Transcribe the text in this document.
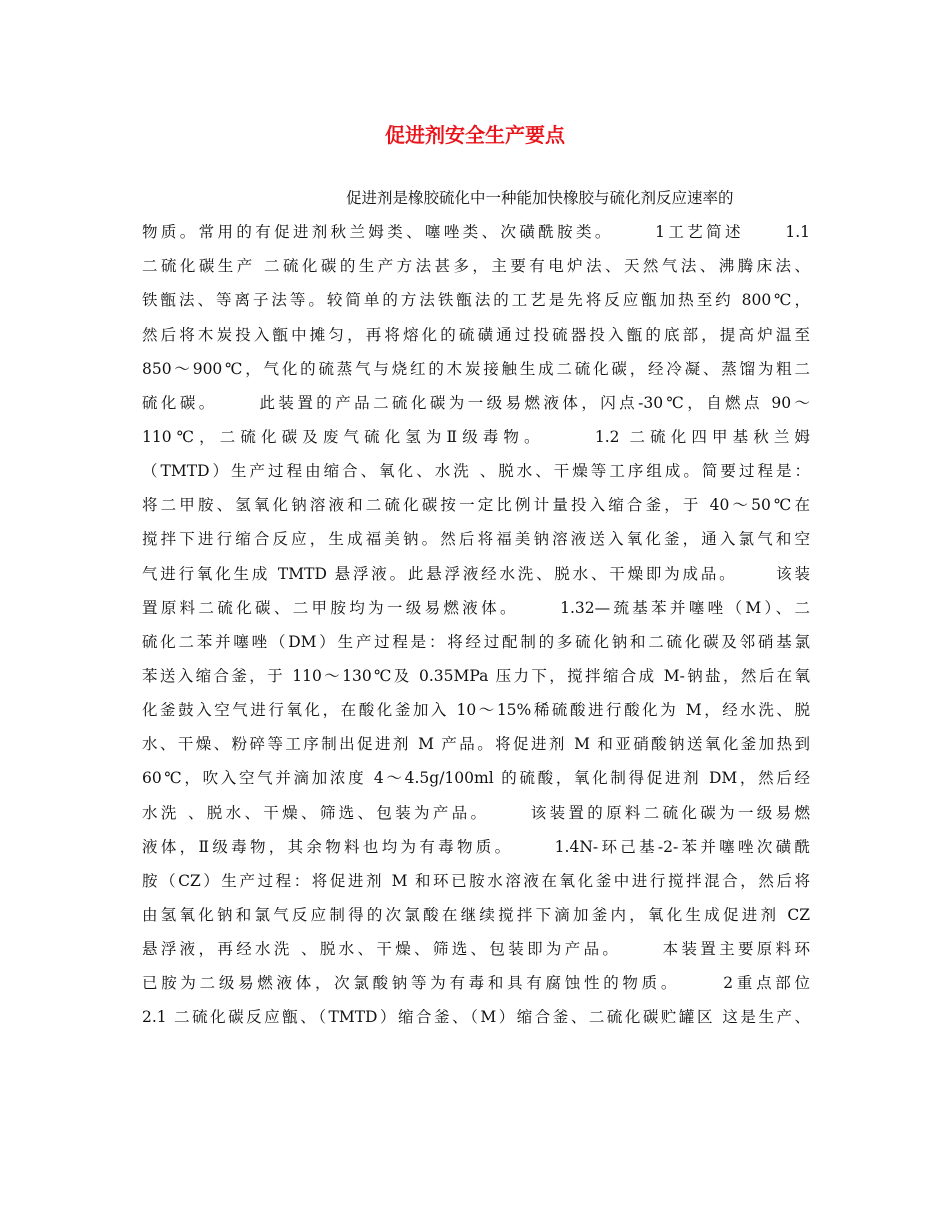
促进剂安全生产要点
促进剂是橡胶硫化中一种能加快橡胶与硫化剂反应速率的
物质。常用的有促进剂秋兰姆类、噻唑类、次磺酰胺类。     1工艺简述     1.1
二硫化碳生产 二硫化碳的生产方法甚多，主要有电炉法、天然气法、沸腾床法、
铁甑法、等离子法等。较简单的方法铁甑法的工艺是先将反应甑加热至约 800℃，
然后将木炭投入甑中摊匀，再将熔化的硫磺通过投硫器投入甑的底部，提高炉温至
850～900℃，气化的硫蒸气与烧红的木炭接触生成二硫化碳，经冷凝、蒸馏为粗二
硫化碳。     此装置的产品二硫化碳为一级易燃液体，闪点-30℃，自燃点 90～
110℃，二硫化碳及废气硫化氢为Ⅱ级毒物。     1.2 二硫化四甲基秋兰姆
（TMTD）生产过程由缩合、氧化、水洗 、脱水、干燥等工序组成。简要过程是：
将二甲胺、氢氧化钠溶液和二硫化碳按一定比例计量投入缩合釜，于 40～50℃在
搅拌下进行缩合反应，生成福美钠。然后将福美钠溶液送入氧化釜，通入氯气和空
气进行氧化生成 TMTD 悬浮液。此悬浮液经水洗、脱水、干燥即为成品。     该装
置原料二硫化碳、二甲胺均为一级易燃液体。     1.32—巯基苯并噻唑（M）、二
硫化二苯并噻唑（DM）生产过程是：将经过配制的多硫化钠和二硫化碳及邻硝基氯
苯送入缩合釜，于 110～130℃及 0.35MPa 压力下，搅拌缩合成 M-钠盐，然后在氧
化釜鼓入空气进行氧化，在酸化釜加入 10～15%稀硫酸进行酸化为 M，经水洗、脱
水、干燥、粉碎等工序制出促进剂 M 产品。将促进剂 M 和亚硝酸钠送氧化釜加热到
60℃，吹入空气并滴加浓度 4～4.5g/100ml 的硫酸，氧化制得促进剂 DM，然后经
水洗 、脱水、干燥、筛选、包装为产品。     该装置的原料二硫化碳为一级易燃
液体，Ⅱ级毒物，其余物料也均为有毒物质。     1.4N-环己基-2-苯并噻唑次磺酰
胺（CZ）生产过程：将促进剂 M 和环已胺水溶液在氧化釜中进行搅拌混合，然后将
由氢氧化钠和氯气反应制得的次氯酸在继续搅拌下滴加釜内，氧化生成促进剂 CZ
悬浮液，再经水洗 、脱水、干燥、筛选、包装即为产品。     本装置主要原料环
已胺为二级易燃液体，次氯酸钠等为有毒和具有腐蚀性的物质。     2重点部位
2.1 二硫化碳反应甑、（TMTD）缩合釜、（M）缩合釜、二硫化碳贮罐区 这是生产、
